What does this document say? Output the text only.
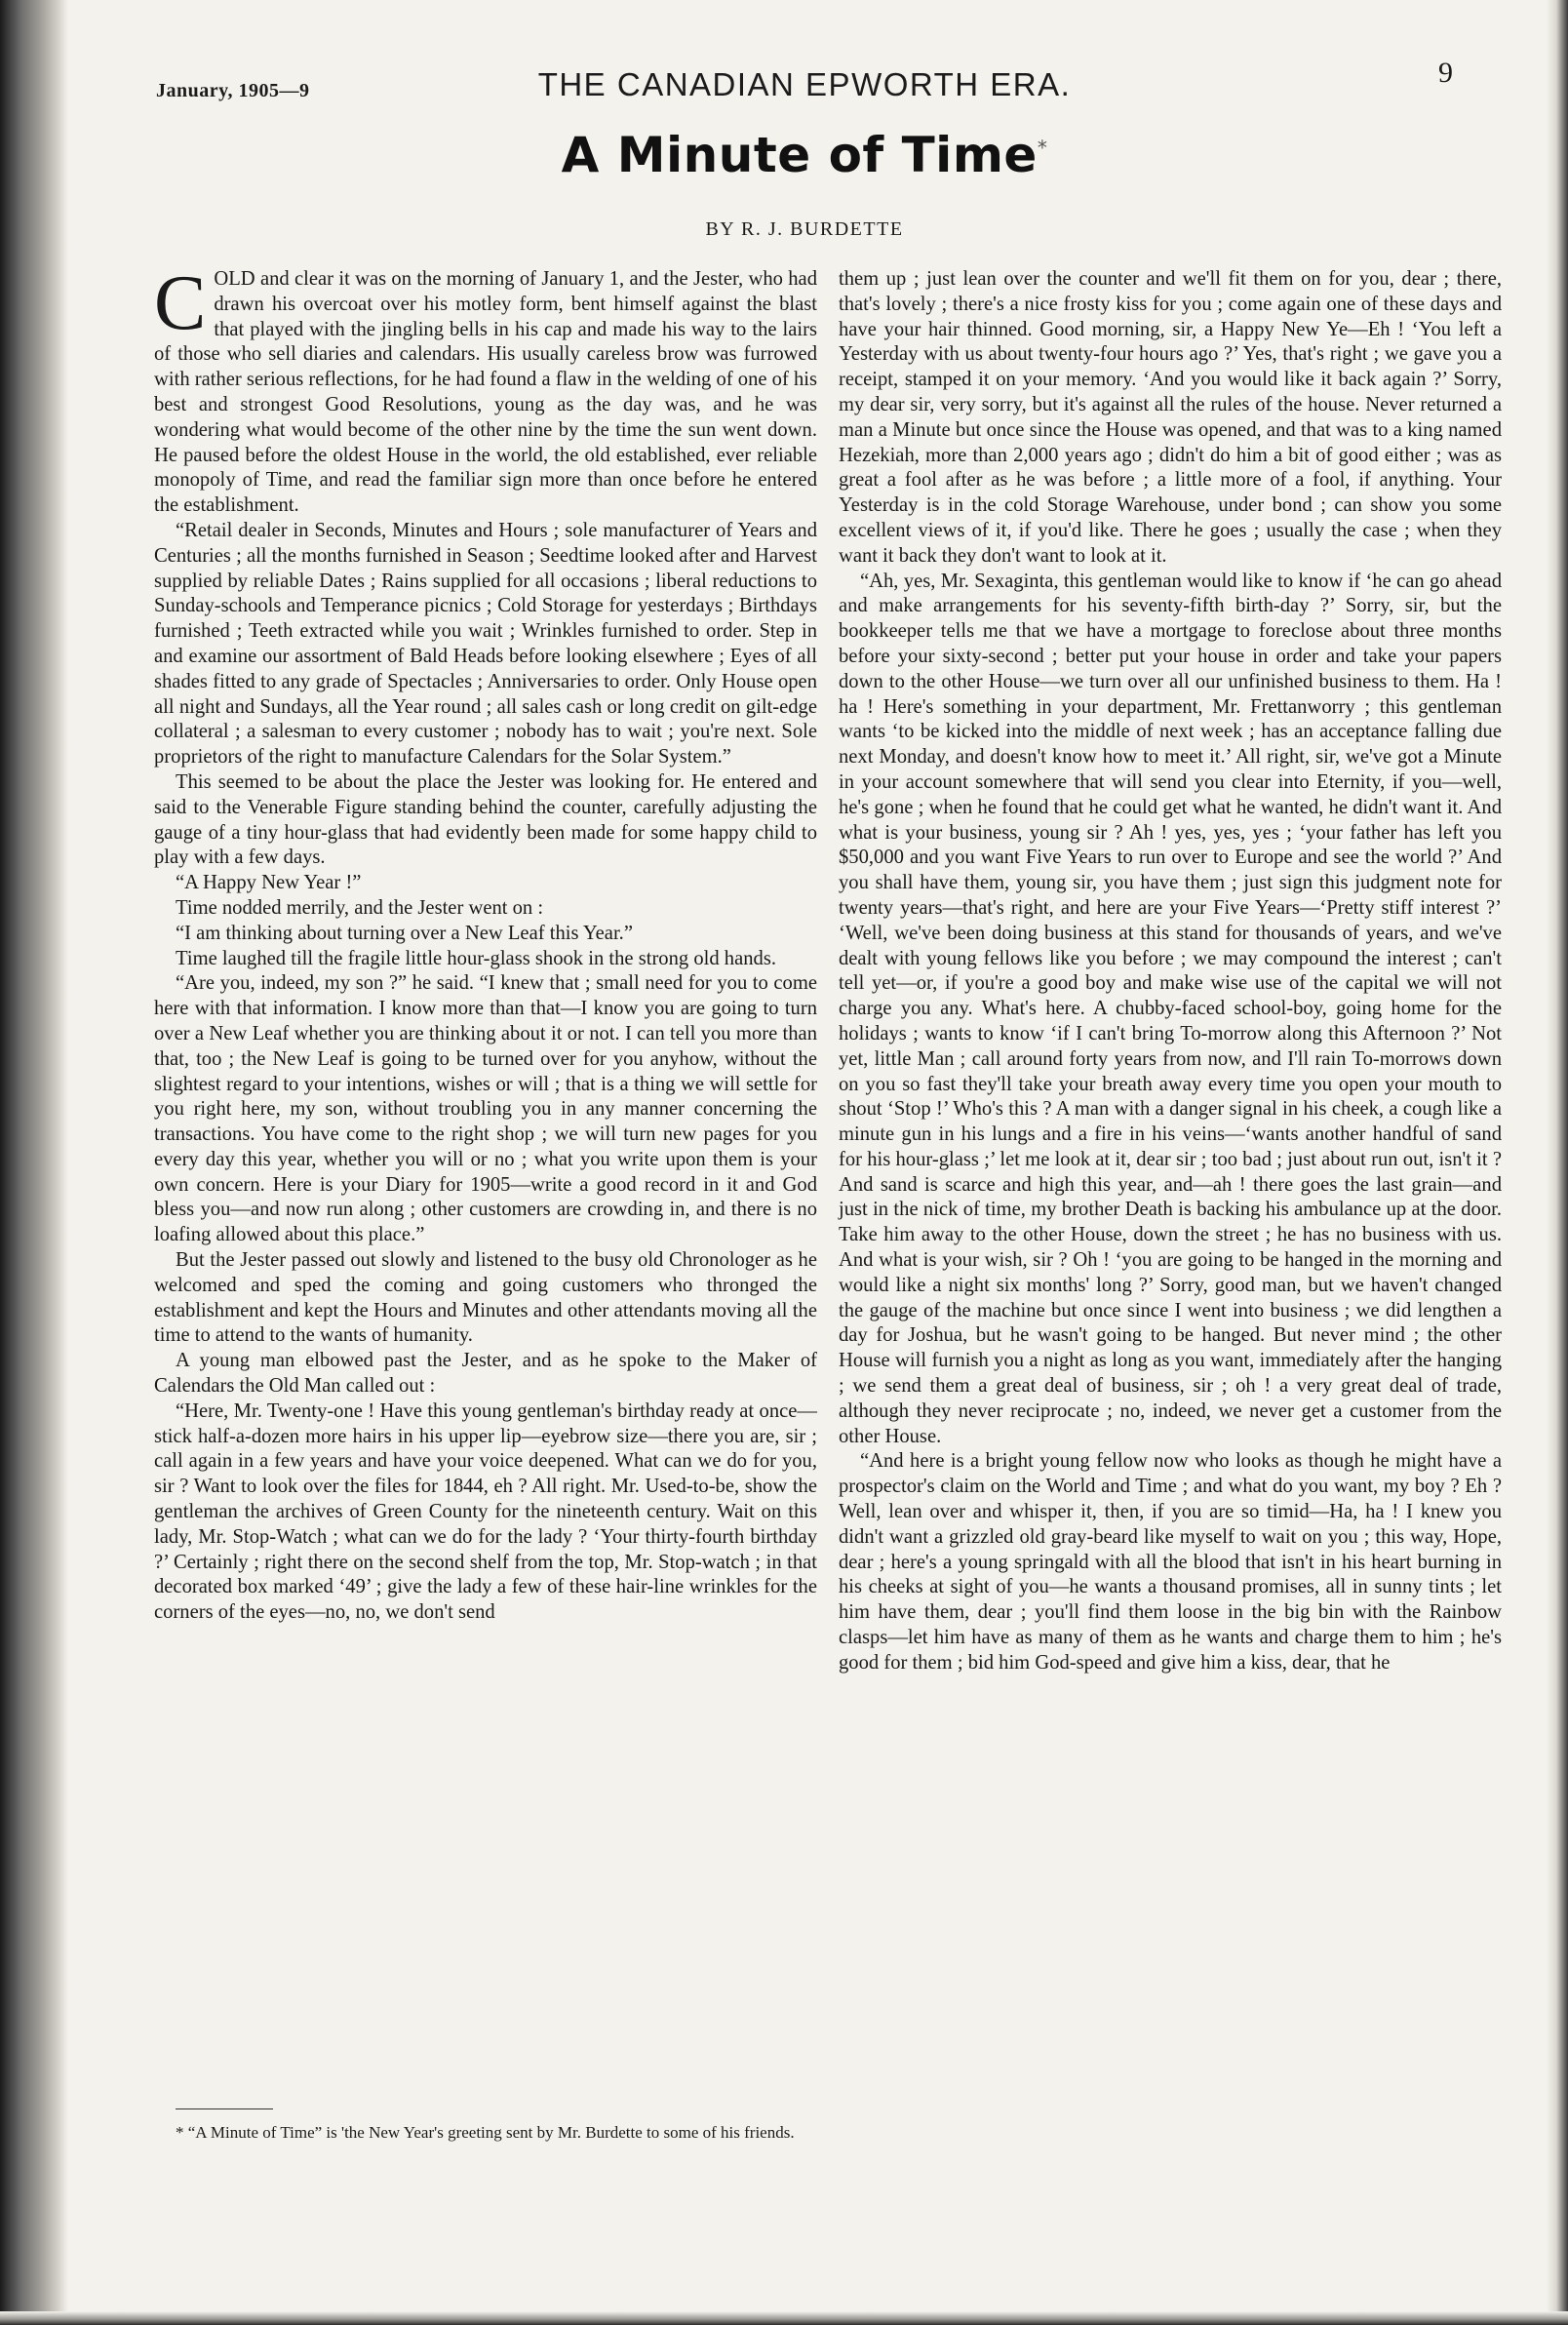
January, 1905—9	THE CANADIAN EPWORTH ERA.	9
A Minute of Time*
BY R. J. BURDETTE

COLD and clear it was on the morning of January 1, and the Jester, who had drawn his overcoat over his motley form, bent himself against the blast that played with the jingling bells in his cap and made his way to the lairs of those who sell diaries and calendars. His usually careless brow was furrowed with rather serious reflections, for he had found a flaw in the welding of one of his best and strongest Good Resolutions, young as the day was, and he was wondering what would become of the other nine by the time the sun went down. He paused before the oldest House in the world, the old established, ever reliable monopoly of Time, and read the familiar sign more than once before he entered the establishment.

“Retail dealer in Seconds, Minutes and Hours ; sole manufacturer of Years and Centuries ; all the months furnished in Season ; Seedtime looked after and Harvest supplied by reliable Dates ; Rains supplied for all occasions ; liberal reductions to Sunday-schools and Temperance picnics ; Cold Storage for yesterdays ; Birthdays furnished ; Teeth extracted while you wait ; Wrinkles furnished to order. Step in and examine our assortment of Bald Heads before looking elsewhere ; Eyes of all shades fitted to any grade of Spectacles ; Anniversaries to order. Only House open all night and Sundays, all the Year round ; all sales cash or long credit on gilt-edge collateral ; a salesman to every customer ; nobody has to wait ; you're next. Sole proprietors of the right to manufacture Calendars for the Solar System.”

This seemed to be about the place the Jester was looking for. He entered and said to the Venerable Figure standing behind the counter, carefully adjusting the gauge of a tiny hour-glass that had evidently been made for some happy child to play with a few days.

“A Happy New Year !”

Time nodded merrily, and the Jester went on :

“I am thinking about turning over a New Leaf this Year.”

Time laughed till the fragile little hour-glass shook in the strong old hands.

“Are you, indeed, my son ?” he said. “I knew that ; small need for you to come here with that information. I know more than that—I know you are going to turn over a New Leaf whether you are thinking about it or not. I can tell you more than that, too ; the New Leaf is going to be turned over for you anyhow, without the slightest regard to your intentions, wishes or will ; that is a thing we will settle for you right here, my son, without troubling you in any manner concerning the transactions. You have come to the right shop ; we will turn new pages for you every day this year, whether you will or no ; what you write upon them is your own concern. Here is your Diary for 1905—write a good record in it and God bless you—and now run along ; other customers are crowding in, and there is no loafing allowed about this place.”

But the Jester passed out slowly and listened to the busy old Chronologer as he welcomed and sped the coming and going customers who thronged the establishment and kept the Hours and Minutes and other attendants moving all the time to attend to the wants of humanity.

A young man elbowed past the Jester, and as he spoke to the Maker of Calendars the Old Man called out :

“Here, Mr. Twenty-one ! Have this young gentleman's birthday ready at once—stick half-a-dozen more hairs in his upper lip—eyebrow size—there you are, sir ; call again in a few years and have your voice deepened. What can we do for you, sir ? Want to look over the files for 1844, eh ? All right. Mr. Used-to-be, show the gentleman the archives of Green County for the nineteenth century. Wait on this lady, Mr. Stop-Watch ; what can we do for the lady ? ‘Your thirty-fourth birthday ?’ Certainly ; right there on the second shelf from the top, Mr. Stop-watch ; in that decorated box marked ‘49’ ; give the lady a few of these hair-line wrinkles for the corners of the eyes—no, no, we don't send

them up ; just lean over the counter and we'll fit them on for you, dear ; there, that's lovely ; there's a nice frosty kiss for you ; come again one of these days and have your hair thinned. Good morning, sir, a Happy New Ye—Eh ! ‘You left a Yesterday with us about twenty-four hours ago ?’ Yes, that's right ; we gave you a receipt, stamped it on your memory. ‘And you would like it back again ?’ Sorry, my dear sir, very sorry, but it's against all the rules of the house. Never returned a man a Minute but once since the House was opened, and that was to a king named Hezekiah, more than 2,000 years ago ; didn't do him a bit of good either ; was as great a fool after as he was before ; a little more of a fool, if anything. Your Yesterday is in the cold Storage Warehouse, under bond ; can show you some excellent views of it, if you'd like. There he goes ; usually the case ; when they want it back they don't want to look at it.

“Ah, yes, Mr. Sexaginta, this gentleman would like to know if ‘he can go ahead and make arrangements for his seventy-fifth birth-day ?’ Sorry, sir, but the bookkeeper tells me that we have a mortgage to foreclose about three months before your sixty-second ; better put your house in order and take your papers down to the other House—we turn over all our unfinished business to them. Ha ! ha ! Here's something in your department, Mr. Frettanworry ; this gentleman wants ‘to be kicked into the middle of next week ; has an acceptance falling due next Monday, and doesn't know how to meet it.’ All right, sir, we've got a Minute in your account somewhere that will send you clear into Eternity, if you—well, he's gone ; when he found that he could get what he wanted, he didn't want it. And what is your business, young sir ? Ah ! yes, yes, yes ; ‘your father has left you $50,000 and you want Five Years to run over to Europe and see the world ?’ And you shall have them, young sir, you have them ; just sign this judgment note for twenty years—that's right, and here are your Five Years—‘Pretty stiff interest ?’ ‘Well, we've been doing business at this stand for thousands of years, and we've dealt with young fellows like you before ; we may compound the interest ; can't tell yet—or, if you're a good boy and make wise use of the capital we will not charge you any. What's here. A chubby-faced school-boy, going home for the holidays ; wants to know ‘if I can't bring To-morrow along this Afternoon ?’ Not yet, little Man ; call around forty years from now, and I'll rain To-morrows down on you so fast they'll take your breath away every time you open your mouth to shout ‘Stop !’ Who's this ? A man with a danger signal in his cheek, a cough like a minute gun in his lungs and a fire in his veins—‘wants another handful of sand for his hour-glass ;’ let me look at it, dear sir ; too bad ; just about run out, isn't it ? And sand is scarce and high this year, and—ah ! there goes the last grain—and just in the nick of time, my brother Death is backing his ambulance up at the door. Take him away to the other House, down the street ; he has no business with us. And what is your wish, sir ? Oh ! ‘you are going to be hanged in the morning and would like a night six months' long ?’ Sorry, good man, but we haven't changed the gauge of the machine but once since I went into business ; we did lengthen a day for Joshua, but he wasn't going to be hanged. But never mind ; the other House will furnish you a night as long as you want, immediately after the hanging ; we send them a great deal of business, sir ; oh ! a very great deal of trade, although they never reciprocate ; no, indeed, we never get a customer from the other House.

“And here is a bright young fellow now who looks as though he might have a prospector's claim on the World and Time ; and what do you want, my boy ? Eh ? Well, lean over and whisper it, then, if you are so timid—Ha, ha ! I knew you didn't want a grizzled old gray-beard like myself to wait on you ; this way, Hope, dear ; here's a young springald with all the blood that isn't in his heart burning in his cheeks at sight of you—he wants a thousand promises, all in sunny tints ; let him have them, dear ; you'll find them loose in the big bin with the Rainbow clasps—let him have as many of them as he wants and charge them to him ; he's good for them ; bid him God-speed and give him a kiss, dear, that he

* “A Minute of Time” is 'the New Year's greeting sent by Mr. Burdette to some of his friends.
